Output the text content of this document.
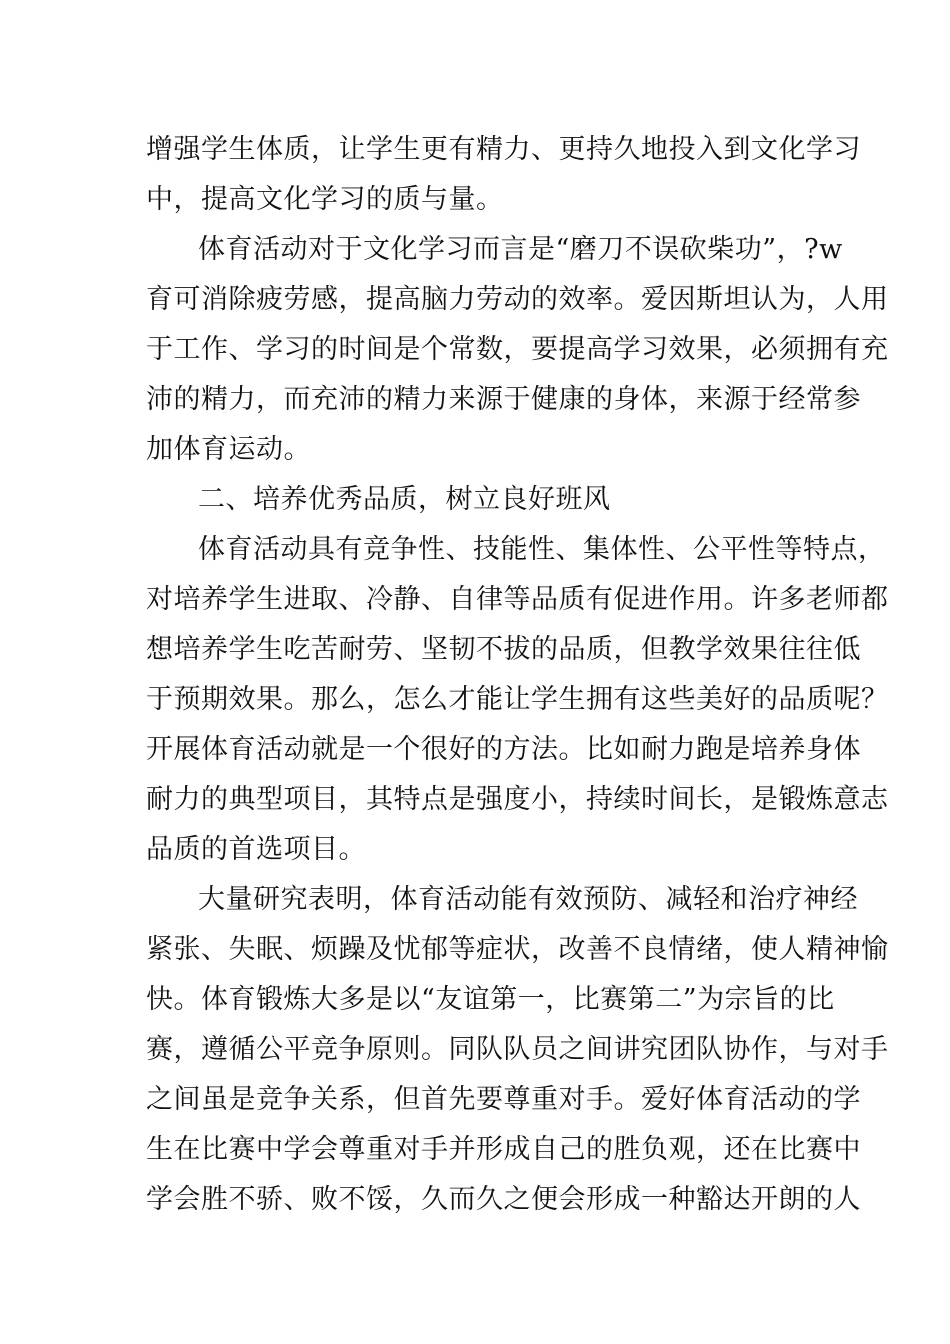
增强学生体质，让学生更有精力、更持久地投入到文化学习
中，提高文化学习的质与量。
体育活动对于文化学习而言是“磨刀不误砍柴功”，?w
育可消除疲劳感，提高脑力劳动的效率。爱因斯坦认为，人用
于工作、学习的时间是个常数，要提高学习效果，必须拥有充
沛的精力，而充沛的精力来源于健康的身体，来源于经常参
加体育运动。
二、培养优秀品质，树立良好班风
体育活动具有竞争性、技能性、集体性、公平性等特点，
对培养学生进取、冷静、自律等品质有促进作用。许多老师都
想培养学生吃苦耐劳、坚韧不拔的品质，但教学效果往往低
于预期效果。那么，怎么才能让学生拥有这些美好的品质呢？
开展体育活动就是一个很好的方法。比如耐力跑是培养身体
耐力的典型项目，其特点是强度小，持续时间长，是锻炼意志
品质的首选项目。
大量研究表明，体育活动能有效预防、减轻和治疗神经
紧张、失眠、烦躁及忧郁等症状，改善不良情绪，使人精神愉
快。体育锻炼大多是以“友谊第一，比赛第二”为宗旨的比
赛，遵循公平竞争原则。同队队员之间讲究团队协作，与对手
之间虽是竞争关系，但首先要尊重对手。爱好体育活动的学
生在比赛中学会尊重对手并形成自己的胜负观，还在比赛中
学会胜不骄、败不馁，久而久之便会形成一种豁达开朗的人
